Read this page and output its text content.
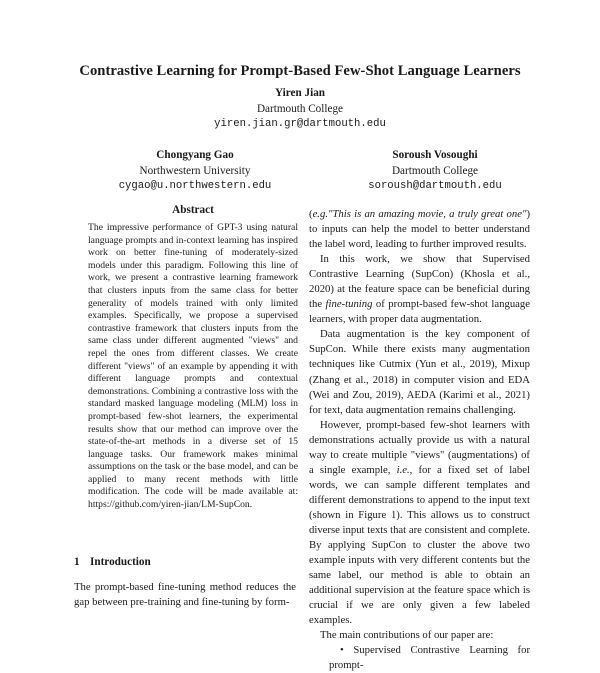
Contrastive Learning for Prompt-Based Few-Shot Language Learners
Yiren Jian
Dartmouth College
yiren.jian.gr@dartmouth.edu
Chongyang Gao
Northwestern University
cygao@u.northwestern.edu
Soroush Vosoughi
Dartmouth College
soroush@dartmouth.edu
Abstract
The impressive performance of GPT-3 using natural language prompts and in-context learning has inspired work on better fine-tuning of moderately-sized models under this paradigm. Following this line of work, we present a contrastive learning framework that clusters inputs from the same class for better generality of models trained with only limited examples. Specifically, we propose a supervised contrastive framework that clusters inputs from the same class under different augmented "views" and repel the ones from different classes. We create different "views" of an example by appending it with different language prompts and contextual demonstrations. Combining a contrastive loss with the standard masked language modeling (MLM) loss in prompt-based few-shot learners, the experimental results show that our method can improve over the state-of-the-art methods in a diverse set of 15 language tasks. Our framework makes minimal assumptions on the task or the base model, and can be applied to many recent methods with little modification. The code will be made available at: https://github.com/yiren-jian/LM-SupCon.
1 Introduction
The prompt-based fine-tuning method reduces the gap between pre-training and fine-tuning by form-

(e.g."This is an amazing movie, a truly great one") to inputs can help the model to better understand the label word, leading to further improved results.

In this work, we show that Supervised Contrastive Learning (SupCon) (Khosla et al., 2020) at the feature space can be beneficial during the fine-tuning of prompt-based few-shot language learners, with proper data augmentation.

Data augmentation is the key component of SupCon. While there exists many augmentation techniques like Cutmix (Yun et al., 2019), Mixup (Zhang et al., 2018) in computer vision and EDA (Wei and Zou, 2019), AEDA (Karimi et al., 2021) for text, data augmentation remains challenging.

However, prompt-based few-shot learners with demonstrations actually provide us with a natural way to create multiple "views" (augmentations) of a single example, i.e., for a fixed set of label words, we can sample different templates and different demonstrations to append to the input text (shown in Figure 1). This allows us to construct diverse input texts that are consistent and complete. By applying SupCon to cluster the above two example inputs with very different contents but the same label, our method is able to obtain an additional supervision at the feature space which is crucial if we are only given a few labeled examples.

The main contributions of our paper are:

• Supervised Contrastive Learning for prompt-
